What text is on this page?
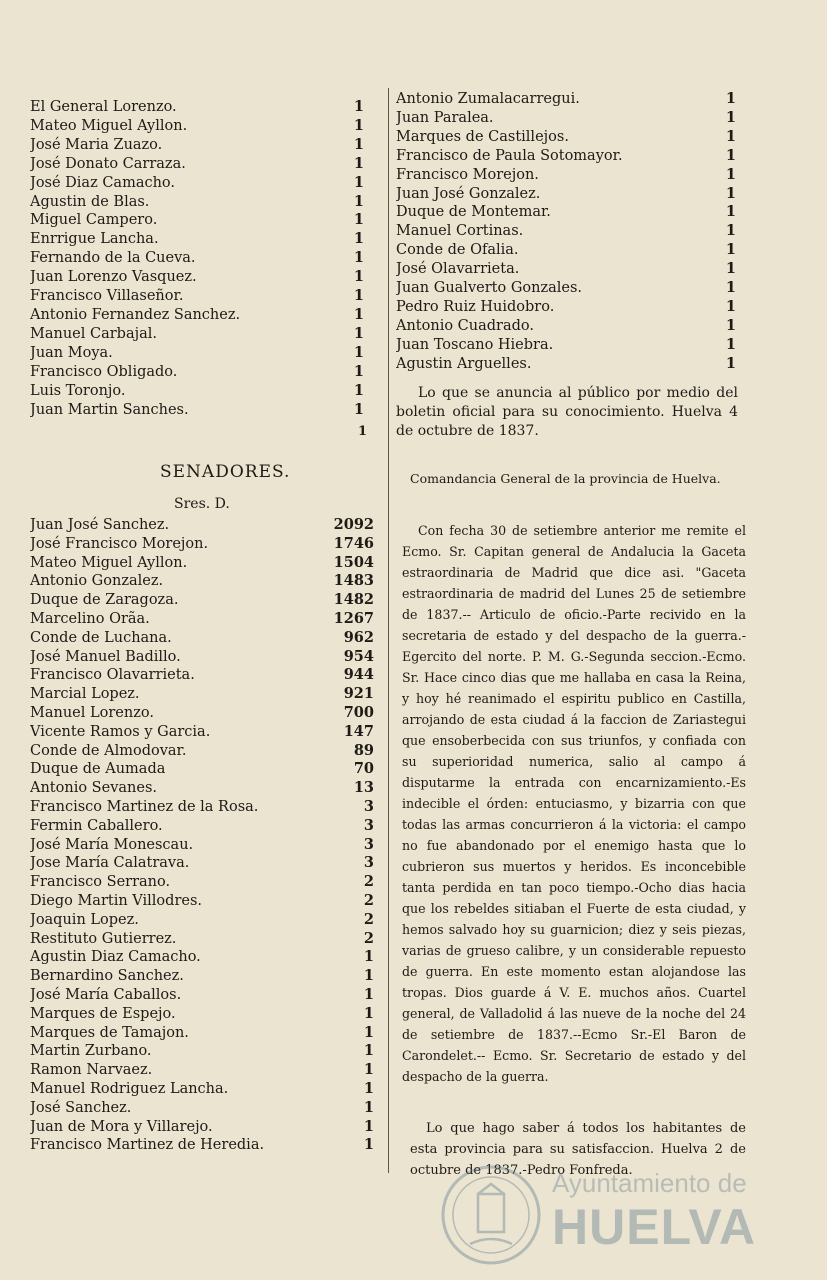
El General Lorenzo.	1
Mateo Miguel Ayllon.	1
José Maria Zuazo.	1
José Donato Carraza.	1
José Diaz Camacho.	1
Agustin de Blas.	1
Miguel Campero.	1
Enrrigue Lancha.	1
Fernando de la Cueva.	1
Juan Lorenzo Vasquez.	1
Francisco Villaseñor.	1
Antonio Fernandez Sanchez.	1
Manuel Carbajal.	1
Juan Moya.	1
Francisco Obligado.	1
Luis Toronjo.	1
Juan Martin Sanches.	1
1
Antonio Zumalacarregui.	1
Juan Paralea.	1
Marques de Castillejos.	1
Francisco de Paula Sotomayor.	1
Francisco Morejon.	1
Juan José Gonzalez.	1
Duque de Montemar.	1
Manuel Cortinas.	1
Conde de Ofalia.	1
José Olavarrieta.	1
Juan Gualverto Gonzales.	1
Pedro Ruiz Huidobro.	1
Antonio Cuadrado.	1
Juan Toscano Hiebra.	1
Agustin Arguelles.	1

Lo que se anuncia al público por medio del boletin oficial para su conocimiento. Huelva 4 de octubre de 1837.

SENADORES.
Sres. D.
Juan José Sanchez.	2092
José Francisco Morejon.	1746
Mateo Miguel Ayllon.	1504
Antonio Gonzalez.	1483
Duque de Zaragoza.	1482
Marcelino Orãa.	1267
Conde de Luchana.	962
José Manuel Badillo.	954
Francisco Olavarrieta.	944
Marcial Lopez.	921
Manuel Lorenzo.	700
Vicente Ramos y Garcia.	147
Conde de Almodovar.	89
Duque de Aumada	70
Antonio Sevanes.	13
Francisco Martinez de la Rosa.	3
Fermin Caballero.	3
José María Monescau.	3
Jose María Calatrava.	3
Francisco Serrano.	2
Diego Martin Villodres.	2
Joaquin Lopez.	2
Restituto Gutierrez.	2
Agustin Diaz Camacho.	1
Bernardino Sanchez.	1
José María Caballos.	1
Marques de Espejo.	1
Marques de Tamajon.	1
Martin Zurbano.	1
Ramon Narvaez.	1
Manuel Rodriguez Lancha.	1
José Sanchez.	1
Juan de Mora y Villarejo.	1
Francisco Martinez de Heredia.	1
Comandancia General de la provincia de Huelva.

Con fecha 30 de setiembre anterior me remite el Ecmo. Sr. Capitan general de Andalucia la Gaceta estraordinaria de Madrid que dice asi. "Gaceta estraordinaria de madrid del Lunes 25 de setiembre de 1837.-- Articulo de oficio.-Parte recivido en la secretaria de estado y del despacho de la guerra.-Egercito del norte. P. M. G.-Segunda seccion.-Ecmo. Sr. Hace cinco dias que me hallaba en casa la Reina, y hoy hé reanimado el espiritu publico en Castilla, arrojando de esta ciudad á la faccion de Zariastegui que ensoberbecida con sus triunfos, y confiada con su superioridad numerica, salio al campo á disputarme la entrada con encarnizamiento.-Es indecible el órden: entuciasmo, y bizarria con que todas las armas concurrieron á la victoria: el campo no fue abandonado por el enemigo hasta que lo cubrieron sus muertos y heridos. Es inconcebible tanta perdida en tan poco tiempo.-Ocho dias hacia que los rebeldes sitiaban el Fuerte de esta ciudad, y hemos salvado hoy su guarnicion; diez y seis piezas, varias de grueso calibre, y un considerable repuesto de guerra. En este momento estan alojandose las tropas. Dios guarde á V. E. muchos años. Cuartel general, de Valladolid á las nueve de la noche del 24 de setiembre de 1837.--Ecmo Sr.-El Baron de Carondelet.-- Ecmo. Sr. Secretario de estado y del despacho de la guerra.

Lo que hago saber á todos los habitantes de esta provincia para su satisfaccion. Huelva 2 de octubre de 1837.-Pedro Fonfreda.

Ayuntamiento de
HUELVA
